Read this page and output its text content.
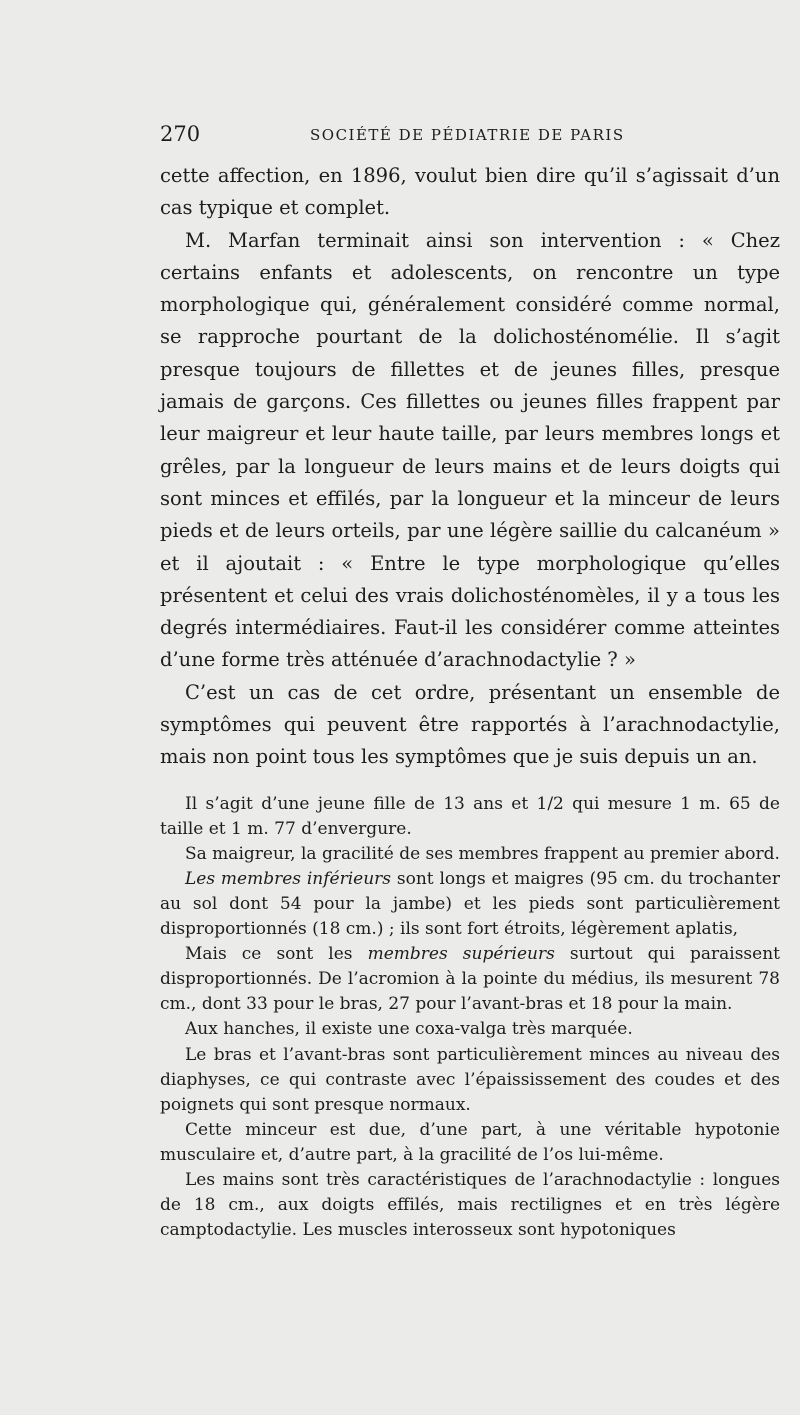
270	SOCIÉTÉ DE PÉDIATRIE DE PARIS

cette affection, en 1896, voulut bien dire qu’il s’agissait d’un cas typique et complet.

M. Marfan terminait ainsi son intervention : « Chez certains enfants et adolescents, on rencontre un type morphologique qui, généralement considéré comme normal, se rapproche pourtant de la dolichosténomélie. Il s’agit presque toujours de fillettes et de jeunes filles, presque jamais de garçons. Ces fillettes ou jeunes filles frappent par leur maigreur et leur haute taille, par leurs membres longs et grêles, par la longueur de leurs mains et de leurs doigts qui sont minces et effilés, par la longueur et la minceur de leurs pieds et de leurs orteils, par une légère saillie du calcanéum » et il ajoutait : « Entre le type morphologique qu’elles présentent et celui des vrais dolichosténomèles, il y a tous les degrés intermédiaires. Faut-il les considérer comme atteintes d’une forme très atténuée d’arachnodactylie ? »

C’est un cas de cet ordre, présentant un ensemble de symptômes qui peuvent être rapportés à l’arachnodactylie, mais non point tous les symptômes que je suis depuis un an.

Il s’agit d’une jeune fille de 13 ans et 1/2 qui mesure 1 m. 65 de taille et 1 m. 77 d’envergure.

Sa maigreur, la gracilité de ses membres frappent au premier abord.

Les membres inférieurs sont longs et maigres (95 cm. du trochanter au sol dont 54 pour la jambe) et les pieds sont particulièrement disproportionnés (18 cm.) ; ils sont fort étroits, légèrement aplatis,

Mais ce sont les membres supérieurs surtout qui paraissent disproportionnés. De l’acromion à la pointe du médius, ils mesurent 78 cm., dont 33 pour le bras, 27 pour l’avant-bras et 18 pour la main.

Aux hanches, il existe une coxa-valga très marquée.

Le bras et l’avant-bras sont particulièrement minces au niveau des diaphyses, ce qui contraste avec l’épaississement des coudes et des poignets qui sont presque normaux.

Cette minceur est due, d’une part, à une véritable hypotonie musculaire et, d’autre part, à la gracilité de l’os lui-même.

Les mains sont très caractéristiques de l’arachnodactylie : longues de 18 cm., aux doigts effilés, mais rectilignes et en très légère camptodactylie. Les muscles interosseux sont hypotoniques
